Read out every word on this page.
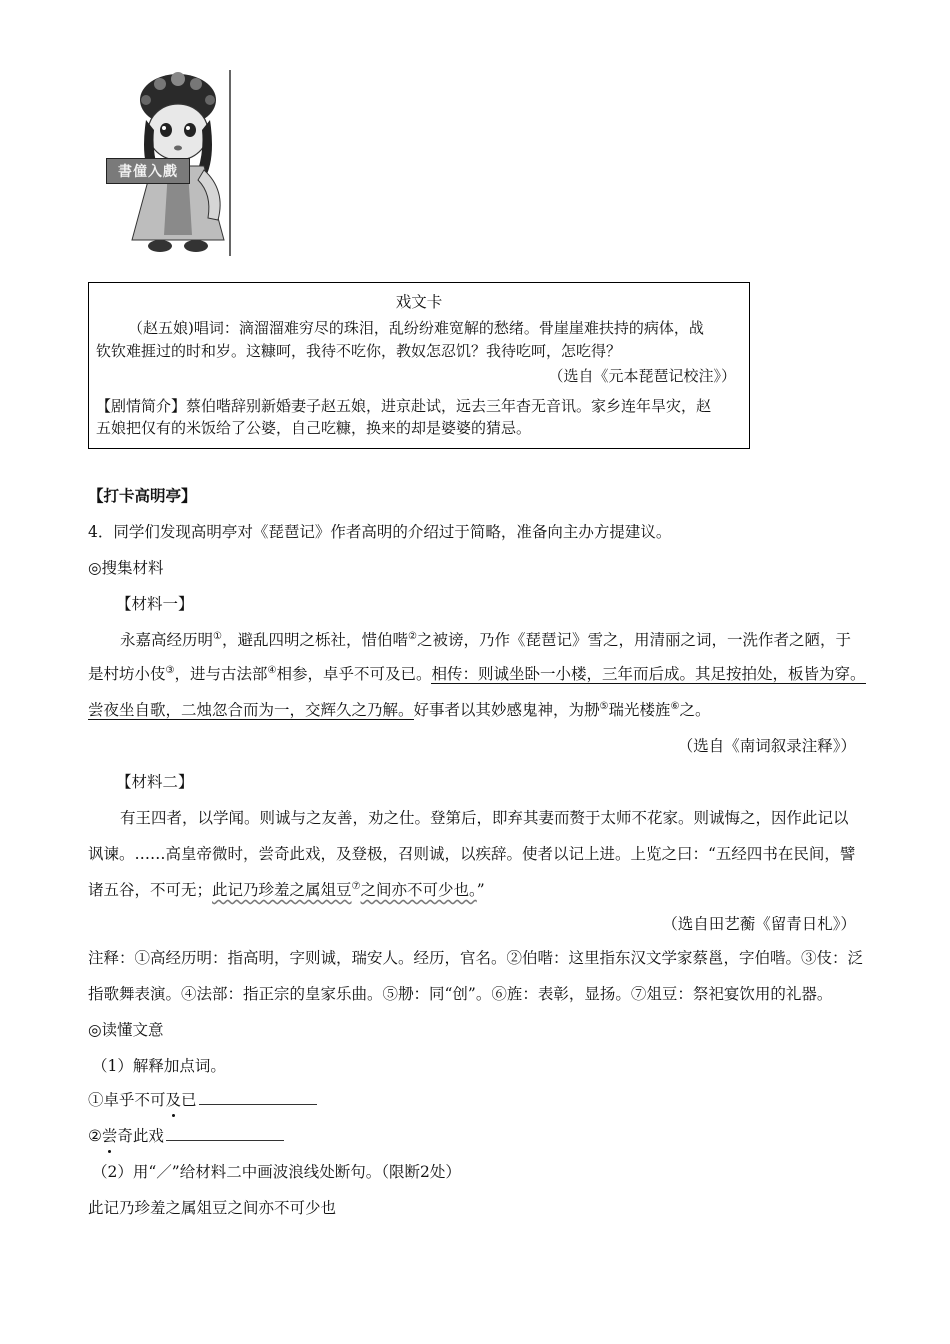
書僮入戲
戏文卡
（赵五娘)唱词：滴溜溜难穷尽的珠泪，乱纷纷难宽解的愁绪。骨崖崖难扶持的病体，战
钦钦难捱过的时和岁。这糠呵，我待不吃你，教奴怎忍饥？我待吃呵，怎吃得？
（选自《元本琵琶记校注》）
【剧情简介】蔡伯喈辞别新婚妻子赵五娘，进京赴试，远去三年杳无音讯。家乡连年旱灾，赵
五娘把仅有的米饭给了公婆，自己吃糠，换来的却是婆婆的猜忌。
【打卡高明亭】
4．同学们发现高明亭对《琵琶记》作者高明的介绍过于简略，准备向主办方提建议。
◎搜集材料
【材料一】
永嘉高经历明①，避乱四明之栎社，惜伯喈②之被谤，乃作《琵琶记》雪之，用清丽之词，一洗作者之陋，于
是村坊小伎③，进与古法部④相参，卓乎不可及已。相传：则诚坐卧一小楼，三年而后成。其足按拍处，板皆为穿。
尝夜坐自歌，二烛忽合而为一，交辉久之乃解。好事者以其妙感鬼神，为刱⑤瑞光楼旌⑥之。
（选自《南词叙录注释》）
【材料二】
有王四者，以学闻。则诚与之友善，劝之仕。登第后，即弃其妻而赘于太师不花家。则诚悔之，因作此记以
讽谏。……高皇帝微时，尝奇此戏，及登极，召则诚，以疾辞。使者以记上进。上览之曰：“五经四书在民间，譬
诸五谷，不可无；此记乃珍羞之属俎豆⑦之间亦不可少也。”
（选自田艺蘅《留青日札》）
注释：①高经历明：指高明，字则诚，瑞安人。经历，官名。②伯喈：这里指东汉文学家蔡邕，字伯喈。③伎：泛
指歌舞表演。④法部：指正宗的皇家乐曲。⑤刱：同“创”。⑥旌：表彰，显扬。⑦俎豆：祭祀宴饮用的礼器。
◎读懂文意
（1）解释加点词。
①卓乎不可及已
②尝奇此戏
（2）用“／”给材料二中画波浪线处断句。（限断2处）
此记乃珍羞之属俎豆之间亦不可少也
